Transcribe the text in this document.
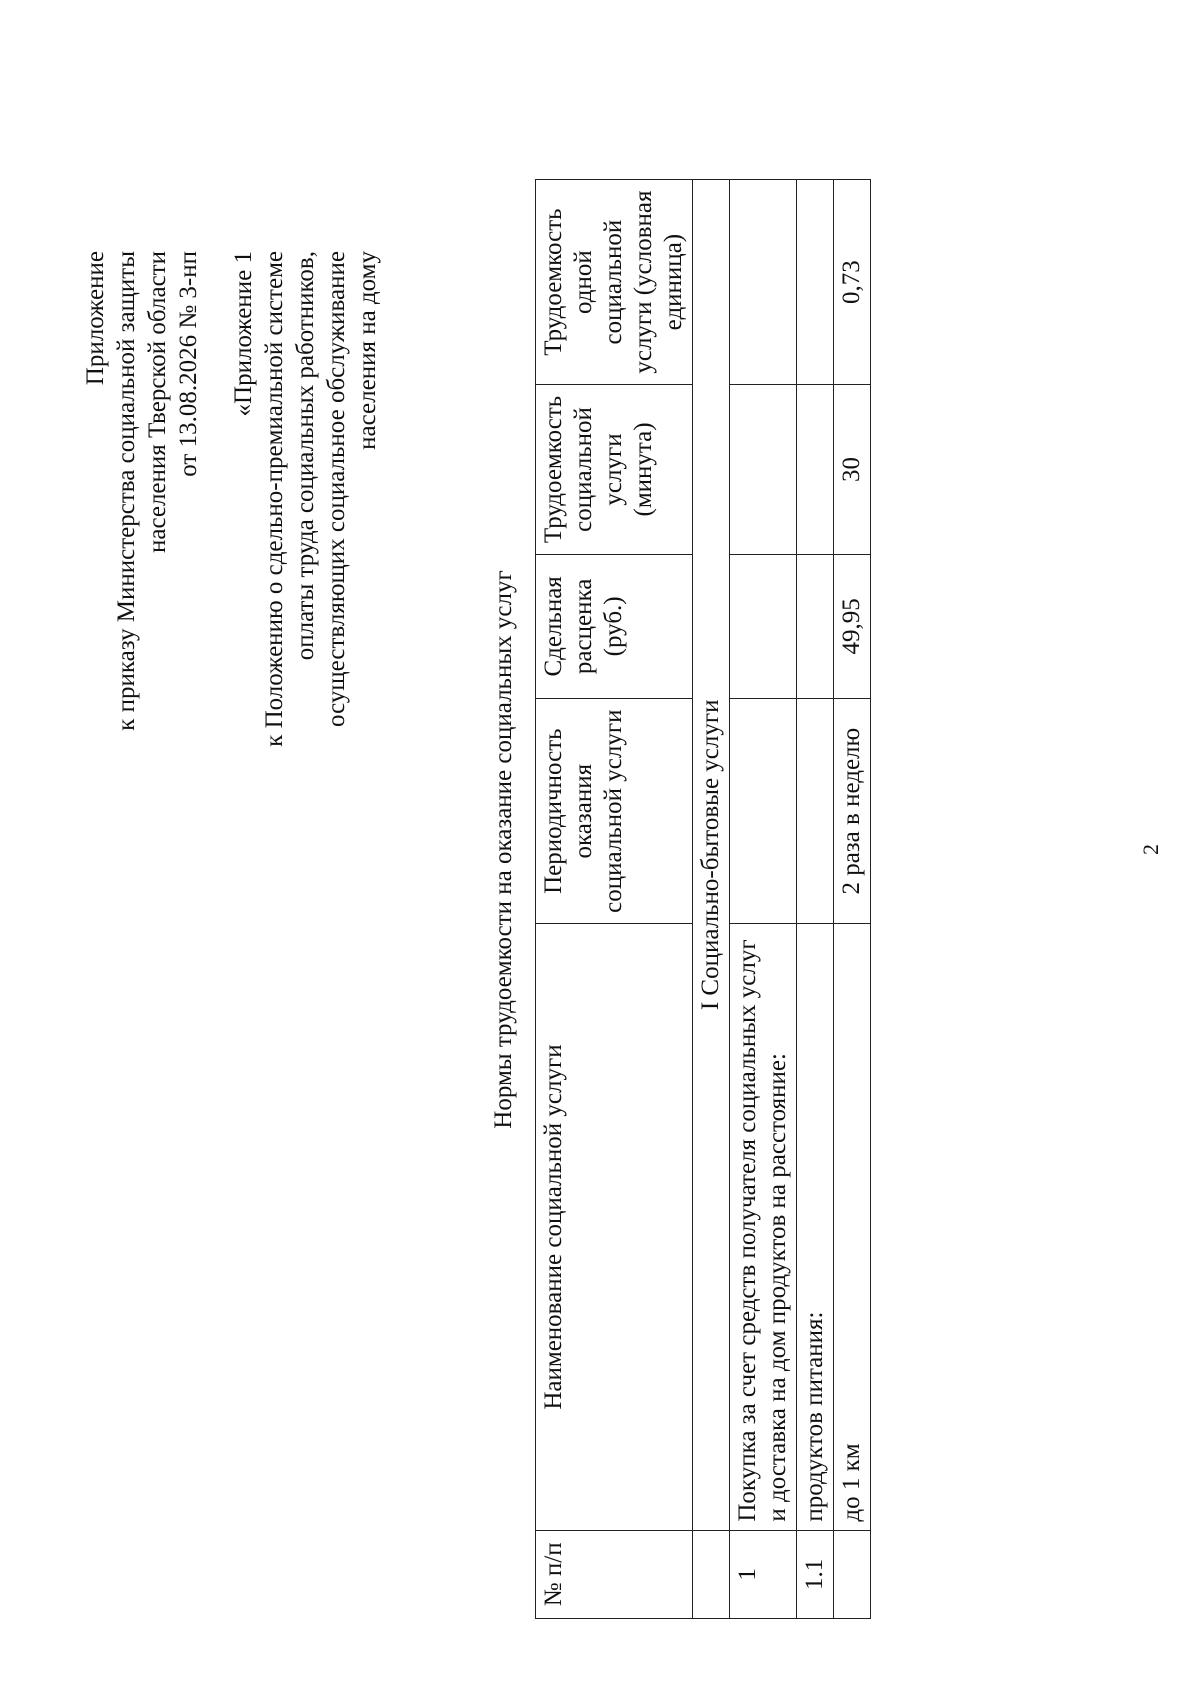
2
Приложение к приказу Министерства социальной защиты населения Тверской области от 13.08.2026 № 3-нп «Приложение 1 к Положению о сдельно-премиальной системе оплаты труда социальных работников, осуществляющих социальное обслуживание населения на дому
Нормы трудоемкости на оказание социальных услуг
№ п/п	Наименование социальной услуги	Периодичность оказания социальной услуги	Сдельная расценка (руб.)	Трудоемкость социальной услуги (минута)	Трудоемкость одной социальной услуги (условная единица)
	I Социально-бытовые услуги				
1	Покупка за счет средств получателя социальных услуг и доставка на дом продуктов на расстояние:				
1.1	продуктов питания:				
	до 1 км	2 раза в неделю	49,95	30	0,73
